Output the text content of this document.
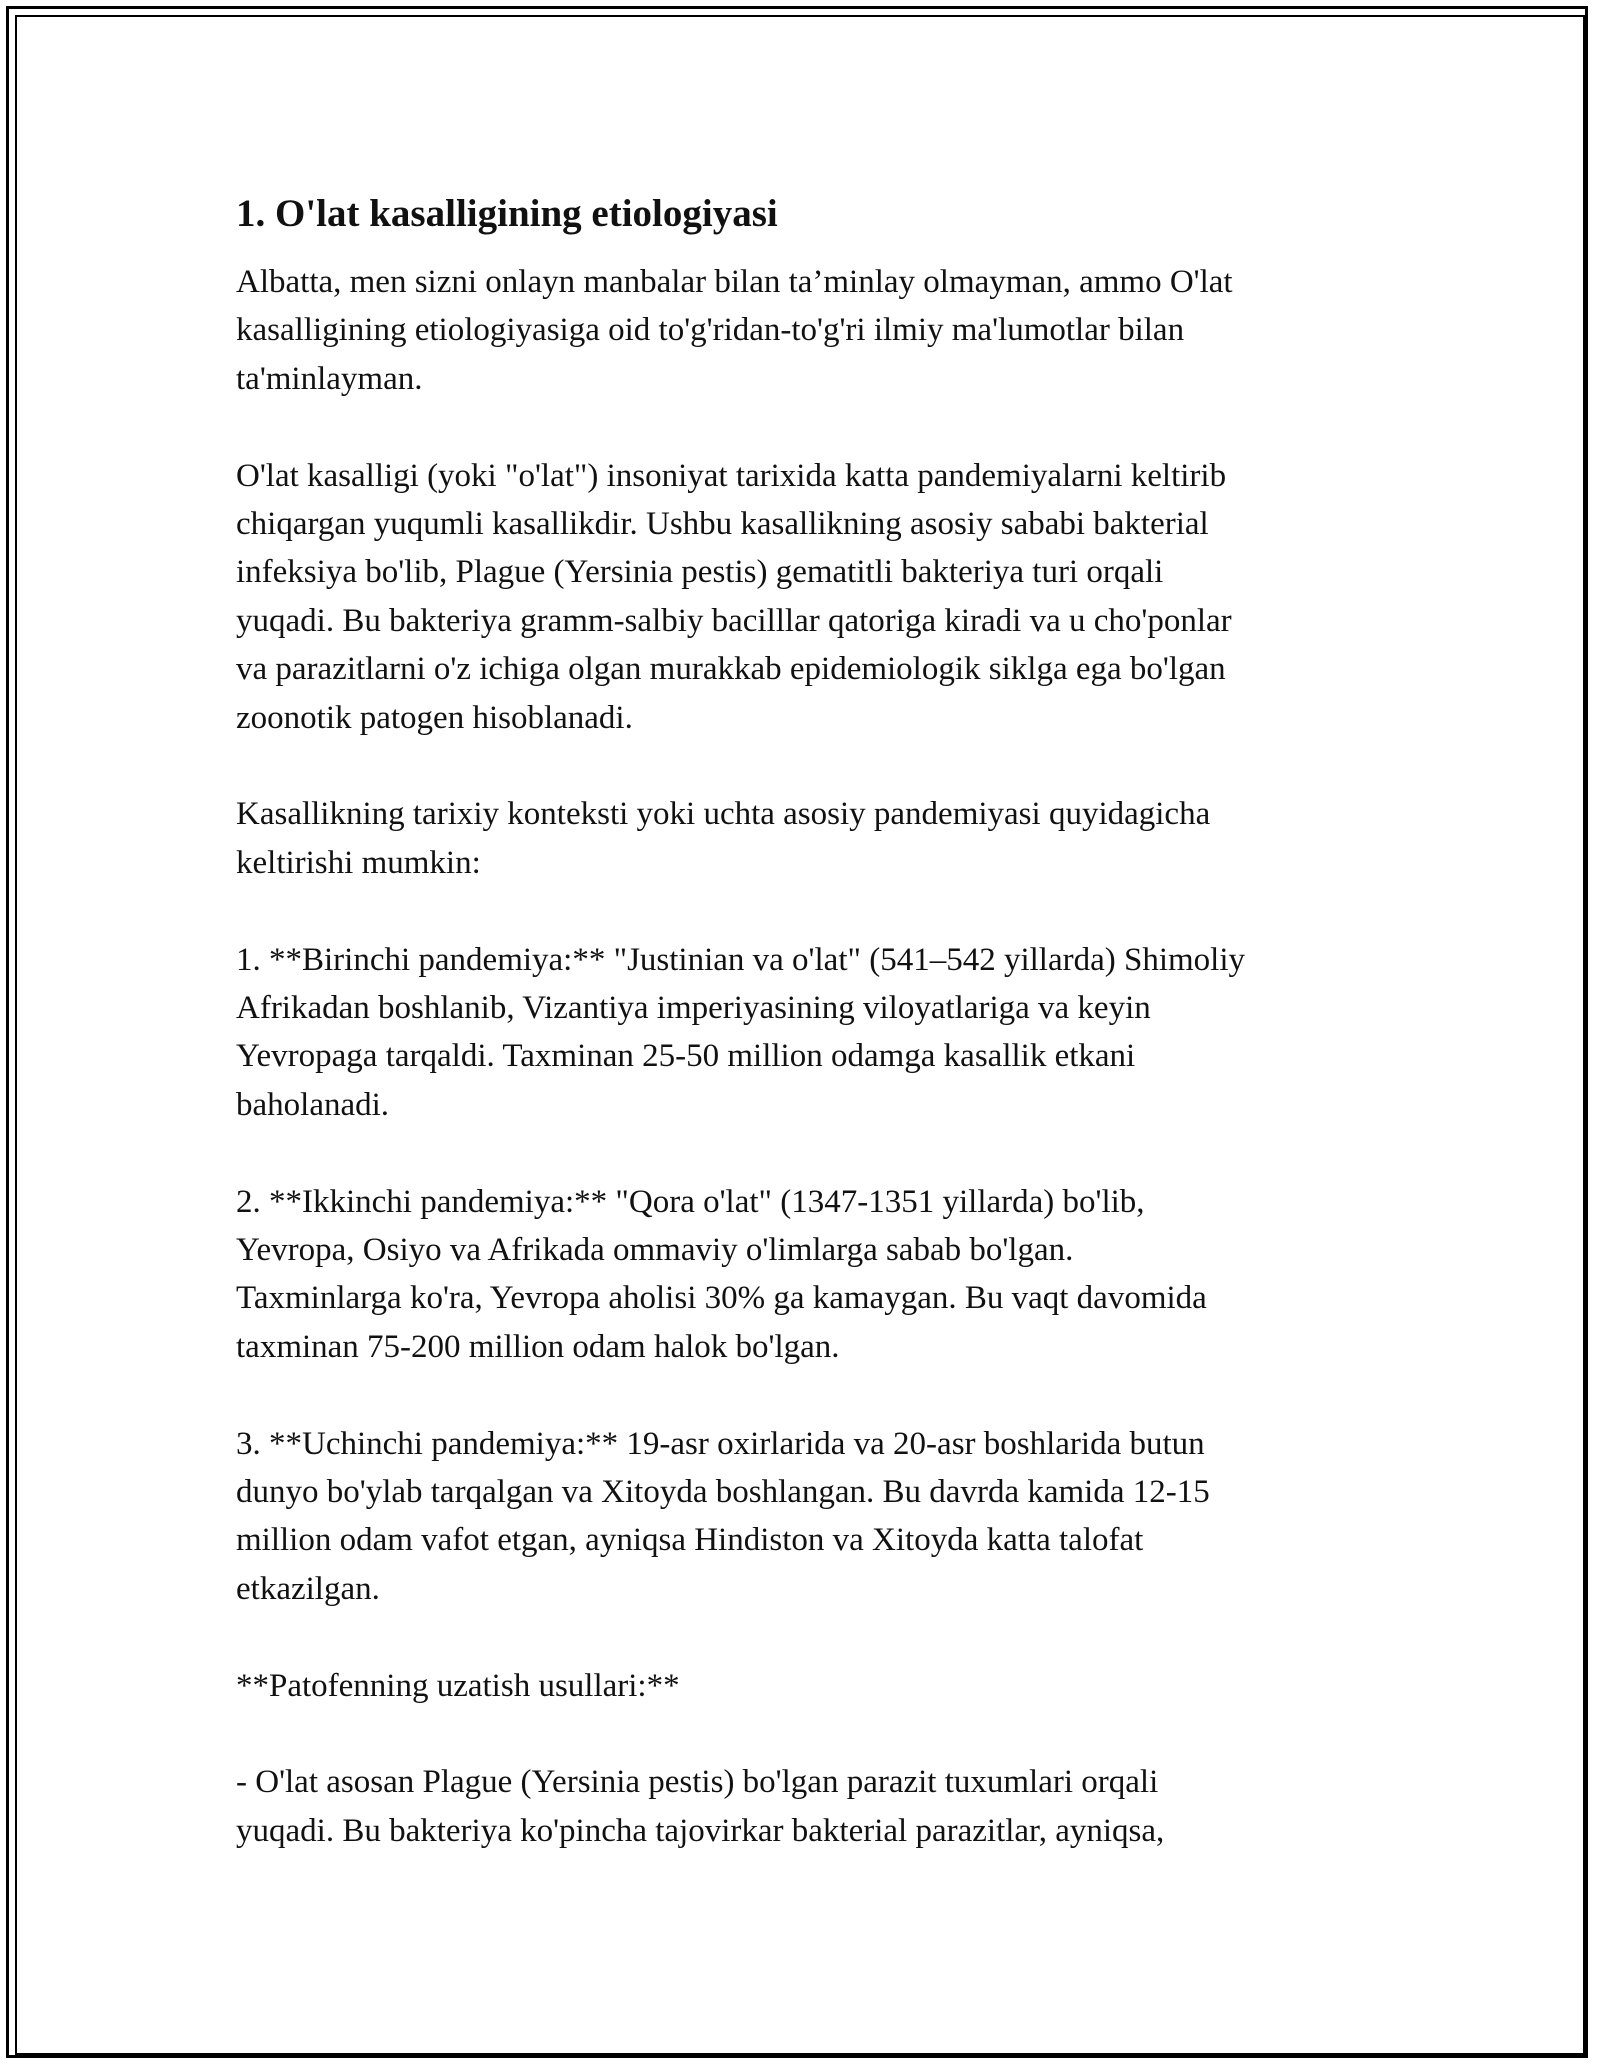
1. O'lat kasalligining etiologiyasi

Albatta, men sizni onlayn manbalar bilan ta’minlay olmayman, ammo O'lat
kasalligining etiologiyasiga oid to'g'ridan-to'g'ri ilmiy ma'lumotlar bilan
ta'minlayman.

O'lat kasalligi (yoki "o'lat") insoniyat tarixida katta pandemiyalarni keltirib
chiqargan yuqumli kasallikdir. Ushbu kasallikning asosiy sababi bakterial
infeksiya bo'lib, Plague (Yersinia pestis) gematitli bakteriya turi orqali
yuqadi. Bu bakteriya gramm-salbiy bacilllar qatoriga kiradi va u cho'ponlar
va parazitlarni o'z ichiga olgan murakkab epidemiologik siklga ega bo'lgan
zoonotik patogen hisoblanadi.

Kasallikning tarixiy konteksti yoki uchta asosiy pandemiyasi quyidagicha
keltirishi mumkin:

1. **Birinchi pandemiya:** "Justinian va o'lat" (541–542 yillarda) Shimoliy
Afrikadan boshlanib, Vizantiya imperiyasining viloyatlariga va keyin
Yevropaga tarqaldi. Taxminan 25-50 million odamga kasallik etkani
baholanadi.

2. **Ikkinchi pandemiya:** "Qora o'lat" (1347-1351 yillarda) bo'lib,
Yevropa, Osiyo va Afrikada ommaviy o'limlarga sabab bo'lgan.
Taxminlarga ko'ra, Yevropa aholisi 30% ga kamaygan. Bu vaqt davomida
taxminan 75-200 million odam halok bo'lgan.

3. **Uchinchi pandemiya:** 19-asr oxirlarida va 20-asr boshlarida butun
dunyo bo'ylab tarqalgan va Xitoyda boshlangan. Bu davrda kamida 12-15
million odam vafot etgan, ayniqsa Hindiston va Xitoyda katta talofat
etkazilgan.

**Patofenning uzatish usullari:**

- O'lat asosan Plague (Yersinia pestis) bo'lgan parazit tuxumlari orqali
yuqadi. Bu bakteriya ko'pincha tajovirkar bakterial parazitlar, ayniqsa,
